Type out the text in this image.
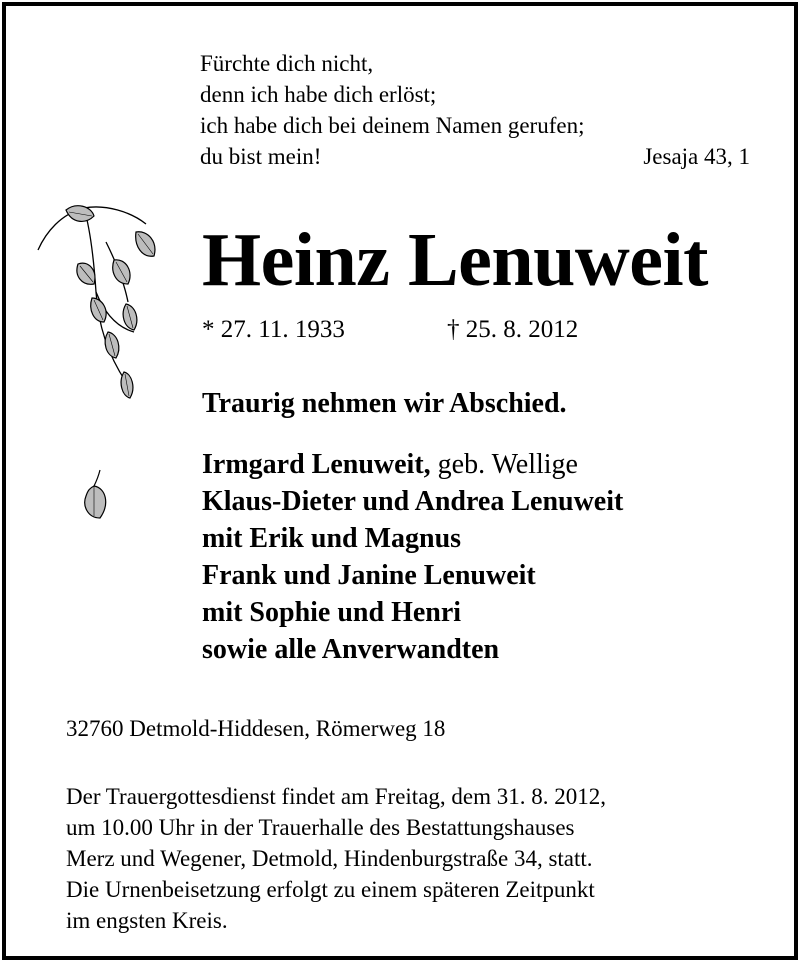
Fürchte dich nicht,
denn ich habe dich erlöst;
ich habe dich bei deinem Namen gerufen;
du bist mein!	Jesaja 43, 1
Heinz Lenuweit
* 27. 11. 1933	† 25. 8. 2012
Traurig nehmen wir Abschied.
Irmgard Lenuweit, geb. Wellige
Klaus-Dieter und Andrea Lenuweit
mit Erik und Magnus
Frank und Janine Lenuweit
mit Sophie und Henri
sowie alle Anverwandten
32760 Detmold-Hiddesen, Römerweg 18
Der Trauergottesdienst findet am Freitag, dem 31. 8. 2012,
um 10.00 Uhr in der Trauerhalle des Bestattungshauses
Merz und Wegener, Detmold, Hindenburgstraße 34, statt.
Die Urnenbeisetzung erfolgt zu einem späteren Zeitpunkt
im engsten Kreis.
